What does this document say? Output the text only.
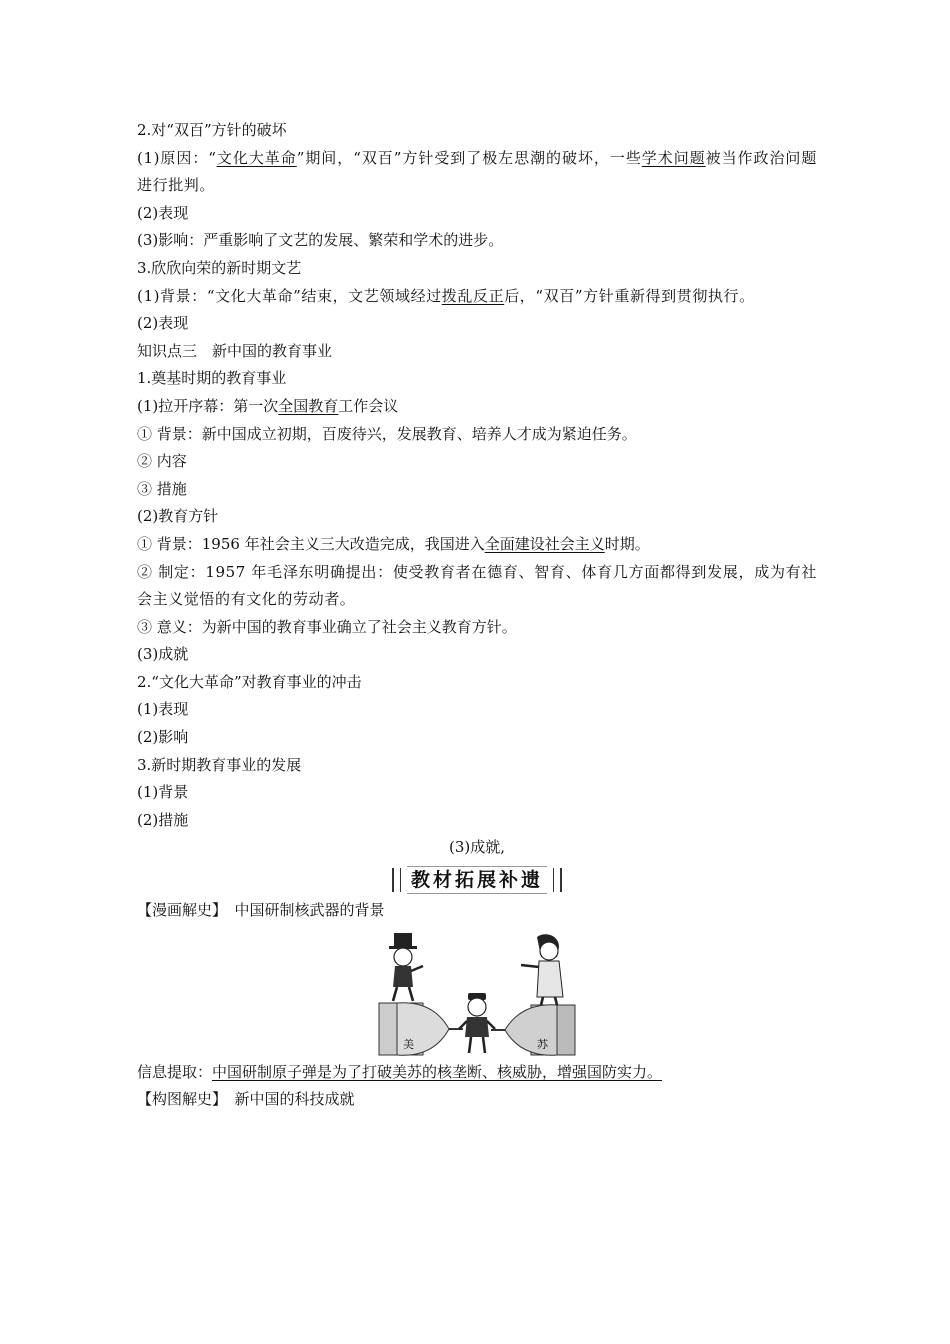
2.对“双百”方针的破坏
(1)原因：“文化大革命”期间，“双百”方针受到了极左思潮的破坏，一些学术问题被当作政治问题进行批判。
(2)表现
(3)影响：严重影响了文艺的发展、繁荣和学术的进步。
3.欣欣向荣的新时期文艺
(1)背景：“文化大革命”结束，文艺领域经过拨乱反正后，“双百”方针重新得到贯彻执行。
(2)表现
知识点三　新中国的教育事业
1.奠基时期的教育事业
(1)拉开序幕：第一次全国教育工作会议
① 背景：新中国成立初期，百废待兴，发展教育、培养人才成为紧迫任务。
② 内容
③ 措施
(2)教育方针
① 背景：1956 年社会主义三大改造完成，我国进入全面建设社会主义时期。
② 制定：1957 年毛泽东明确提出：使受教育者在德育、智育、体育几方面都得到发展，成为有社会主义觉悟的有文化的劳动者。
③ 意义：为新中国的教育事业确立了社会主义教育方针。
(3)成就
2.“文化大革命”对教育事业的冲击
(1)表现
(2)影响
3.新时期教育事业的发展
(1)背景
(2)措施
(3)成就,
教材拓展补遗
【漫画解史】　中国研制核武器的背景
美	苏
信息提取：中国研制原子弹是为了打破美苏的核垄断、核威胁，增强国防实力。
【构图解史】　新中国的科技成就
